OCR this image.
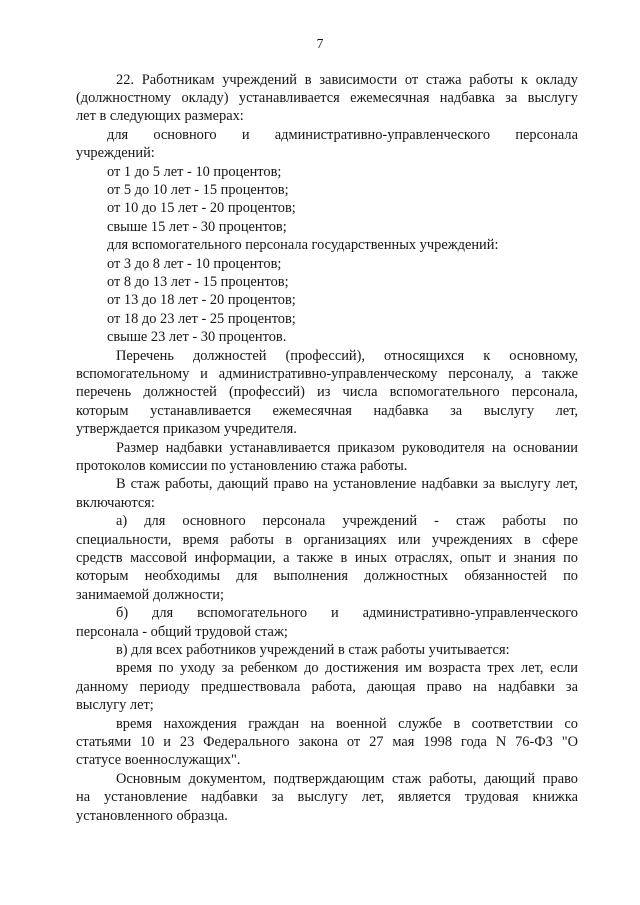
7
22. Работникам учреждений в зависимости от стажа работы к окладу
(должностному окладу) устанавливается ежемесячная надбавка за выслугу
лет в следующих размерах:
для основного и административно-управленческого персонала
учреждений:
от 1 до 5 лет - 10 процентов;
от 5 до 10 лет - 15 процентов;
от 10 до 15 лет - 20 процентов;
свыше 15 лет - 30 процентов;
для вспомогательного персонала государственных учреждений:
от 3 до 8 лет - 10 процентов;
от 8 до 13 лет - 15 процентов;
от 13 до 18 лет - 20 процентов;
от 18 до 23 лет - 25 процентов;
свыше 23 лет - 30 процентов.
Перечень должностей (профессий), относящихся к основному,
вспомогательному и административно-управленческому персоналу, а также
перечень должностей (профессий) из числа вспомогательного персонала,
которым устанавливается ежемесячная надбавка за выслугу лет,
утверждается приказом учредителя.
Размер надбавки устанавливается приказом руководителя на основании
протоколов комиссии по установлению стажа работы.
В стаж работы, дающий право на установление надбавки за выслугу лет,
включаются:
а) для основного персонала учреждений - стаж работы по
специальности, время работы в организациях или учреждениях в сфере
средств массовой информации, а также в иных отраслях, опыт и знания по
которым необходимы для выполнения должностных обязанностей по
занимаемой должности;
б) для вспомогательного и административно-управленческого
персонала - общий трудовой стаж;
в) для всех работников учреждений в стаж работы учитывается:
время по уходу за ребенком до достижения им возраста трех лет, если
данному периоду предшествовала работа, дающая право на надбавки за
выслугу лет;
время нахождения граждан на военной службе в соответствии со
статьями 10 и 23 Федерального закона от 27 мая 1998 года N 76-ФЗ "О
статусе военнослужащих".
Основным документом, подтверждающим стаж работы, дающий право
на установление надбавки за выслугу лет, является трудовая книжка
установленного образца.
